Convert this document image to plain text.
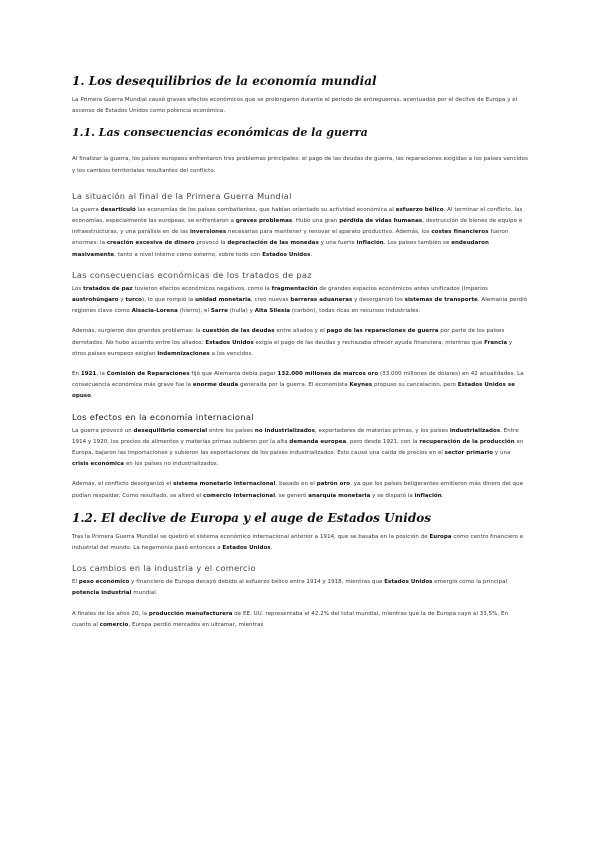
1. Los desequilibrios de la economía mundial

La Primera Guerra Mundial causó graves efectos económicos que se prolongaron durante el periodo de entreguerras, acentuados por el declive de Europa y el ascenso de Estados Unidos como potencia económica.

1.1. Las consecuencias económicas de la guerra

Al finalizar la guerra, los países europeos enfrentaron tres problemas principales: el pago de las deudas de guerra, las reparaciones exigidas a los países vencidos y los cambios territoriales resultantes del conflicto.

La situación al final de la Primera Guerra Mundial

La guerra desarticuló las economías de los países combatientes, que habían orientado su actividad económica al esfuerzo bélico. Al terminar el conflicto, las economías, especialmente las europeas, se enfrentaron a graves problemas. Hubo una gran pérdida de vidas humanas, destrucción de bienes de equipo e infraestructuras, y una parálisis en de las inversiones necesarias para mantener y renovar el aparato productivo. Además, los costes financieros fueron enormes: la creación excesiva de dinero provocó la depreciación de las monedas y una fuerte inflación. Los países también se endeudaron masivamente, tanto a nivel interno como externo, sobre todo con Estados Unidos.

Las consecuencias económicas de los tratados de paz

Los tratados de paz tuvieron efectos económicos negativos, como la fragmentación de grandes espacios económicos antes unificados (Imperios austrohúngaro y turco), lo que rompió la unidad monetaria, creó nuevas barreras aduaneras y desorganizó los sistemas de transporte. Alemania perdió regiones clave como Alsacia-Lorena (hierro), el Sarre (hulla) y Alta Silesia (carbón), todas ricas en recursos industriales.

Además, surgieron dos grandes problemas: la cuestión de las deudas entre aliados y el pago de las reparaciones de guerra por parte de los países derrotados. No hubo acuerdo entre los aliados: Estados Unidos exigía el pago de las deudas y rechazaba ofrecer ayuda financiera, mientras que Francia y otros países europeos exigían indemnizaciones a los vencidos.

En 1921, la Comisión de Reparaciones fijó que Alemania debía pagar 132.000 millones de marcos oro (33.000 millones de dólares) en 42 anualidades. La consecuencia económica más grave fue la enorme deuda generada por la guerra. El economista Keynes propuso su cancelación, pero Estados Unidos se opuso.

Los efectos en la economía internacional

La guerra provocó un desequilibrio comercial entre los países no industrializados, exportadores de materias primas, y los países industrializados. Entre 1914 y 1920, los precios de alimentos y materias primas subieron por la alta demanda europea, pero desde 1921, con la recuperación de la producción en Europa, bajaron las importaciones y subieron las exportaciones de los países industrializados. Esto causó una caída de precios en el sector primario y una crisis económica en los países no industrializados.

Además, el conflicto desorganizó el sistema monetario internacional, basado en el patrón oro, ya que los países beligerantes emitieron más dinero del que podían respaldar. Como resultado, se alteró el comercio internacional, se generó anarquía monetaria y se disparó la inflación.

1.2. El declive de Europa y el auge de Estados Unidos

Tras la Primera Guerra Mundial se quebró el sistema económico internacional anterior a 1914, que se basaba en la posición de Europa como centro financiero e industrial del mundo. La hegemonía pasó entonces a Estados Unidos.

Los cambios en la industria y el comercio

El peso económico y financiero de Europa decayó debido al esfuerzo bélico entre 1914 y 1918, mientras que Estados Unidos emergió como la principal potencia industrial mundial.

A finales de los años 20, la producción manufacturera de EE. UU. representaba el 42,2% del total mundial, mientras que la de Europa cayó al 33,5%. En cuanto al comercio, Europa perdió mercados en ultramar, mientras
